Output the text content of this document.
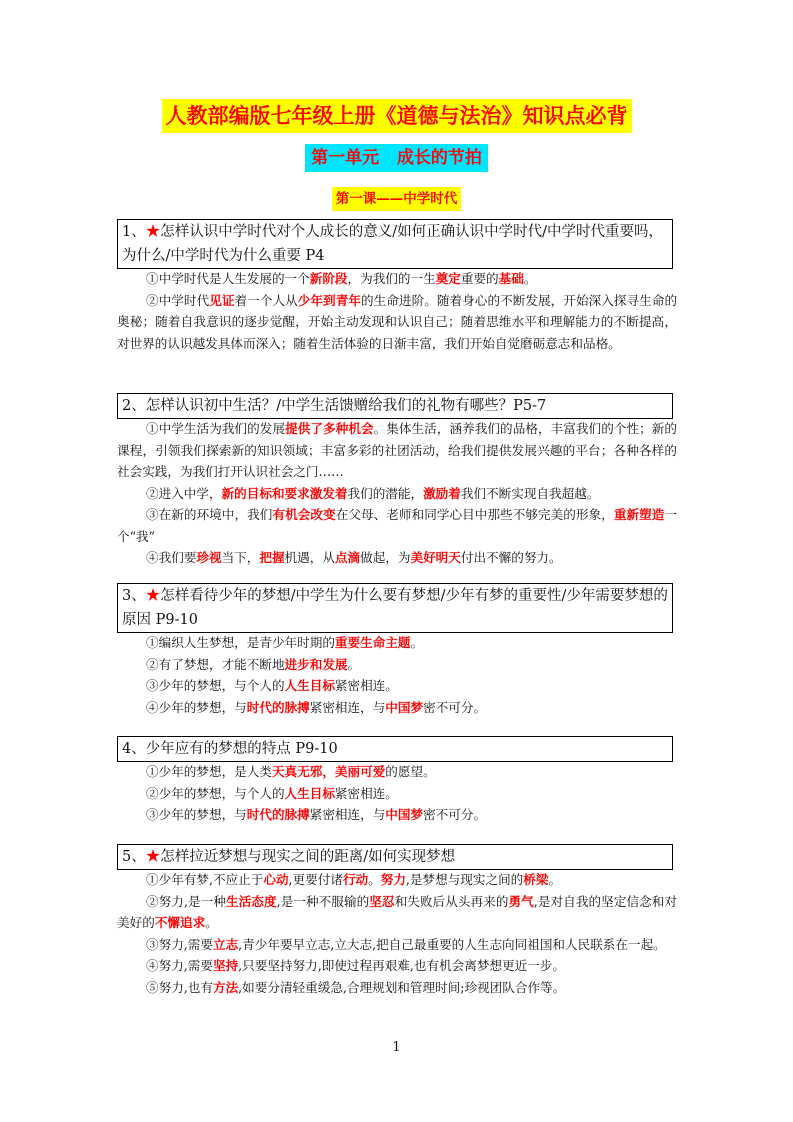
人教部编版七年级上册《道德与法治》知识点必背
第一单元   成长的节拍
第一课——中学时代
1、★怎样认识中学时代对个人成长的意义/如何正确认识中学时代/中学时代重要吗，为什么/中学时代为什么重要 P4

①中学时代是人生发展的一个新阶段，为我们的一生奠定重要的基础。

②中学时代见证着一个人从少年到青年的生命进阶。随着身心的不断发展，开始深入探寻生命的奥秘；随着自我意识的逐步觉醒，开始主动发现和认识自己；随着思维水平和理解能力的不断提高，对世界的认识越发具体而深入；随着生活体验的日渐丰富，我们开始自觉磨砺意志和品格。

2、怎样认识初中生活？/中学生活馈赠给我们的礼物有哪些？P5-7

①中学生活为我们的发展提供了多种机会。集体生活，涵养我们的品格，丰富我们的个性；新的课程，引领我们探索新的知识领域；丰富多彩的社团活动，给我们提供发展兴趣的平台；各种各样的社会实践，为我们打开认识社会之门……

②进入中学，新的目标和要求激发着我们的潜能，激励着我们不断实现自我超越。

③在新的环境中，我们有机会改变在父母、老师和同学心目中那些不够完美的形象，重新塑造一个“我”

④我们要珍视当下，把握机遇，从点滴做起，为美好明天付出不懈的努力。

3、★怎样看待少年的梦想/中学生为什么要有梦想/少年有梦的重要性/少年需要梦想的原因 P9-10

①编织人生梦想，是青少年时期的重要生命主题。

②有了梦想，才能不断地进步和发展。

③少年的梦想，与个人的人生目标紧密相连。

④少年的梦想，与时代的脉搏紧密相连，与中国梦密不可分。

4、少年应有的梦想的特点 P9-10

①少年的梦想，是人类天真无邪，美丽可爱的愿望。

②少年的梦想，与个人的人生目标紧密相连。

③少年的梦想，与时代的脉搏紧密相连，与中国梦密不可分。

5、★怎样拉近梦想与现实之间的距离/如何实现梦想

①少年有梦,不应止于心动,更要付诸行动。努力,是梦想与现实之间的桥梁。

②努力,是一种生活态度,是一种不服输的坚忍和失败后从头再来的勇气,是对自我的坚定信念和对美好的不懈追求。

③努力,需要立志,青少年要早立志,立大志,把自己最重要的人生志向同祖国和人民联系在一起。

④努力,需要坚持,只要坚持努力,即使过程再艰难,也有机会离梦想更近一步。

⑤努力,也有方法,如要分清轻重缓急,合理规划和管理时间;珍视团队合作等。

1
